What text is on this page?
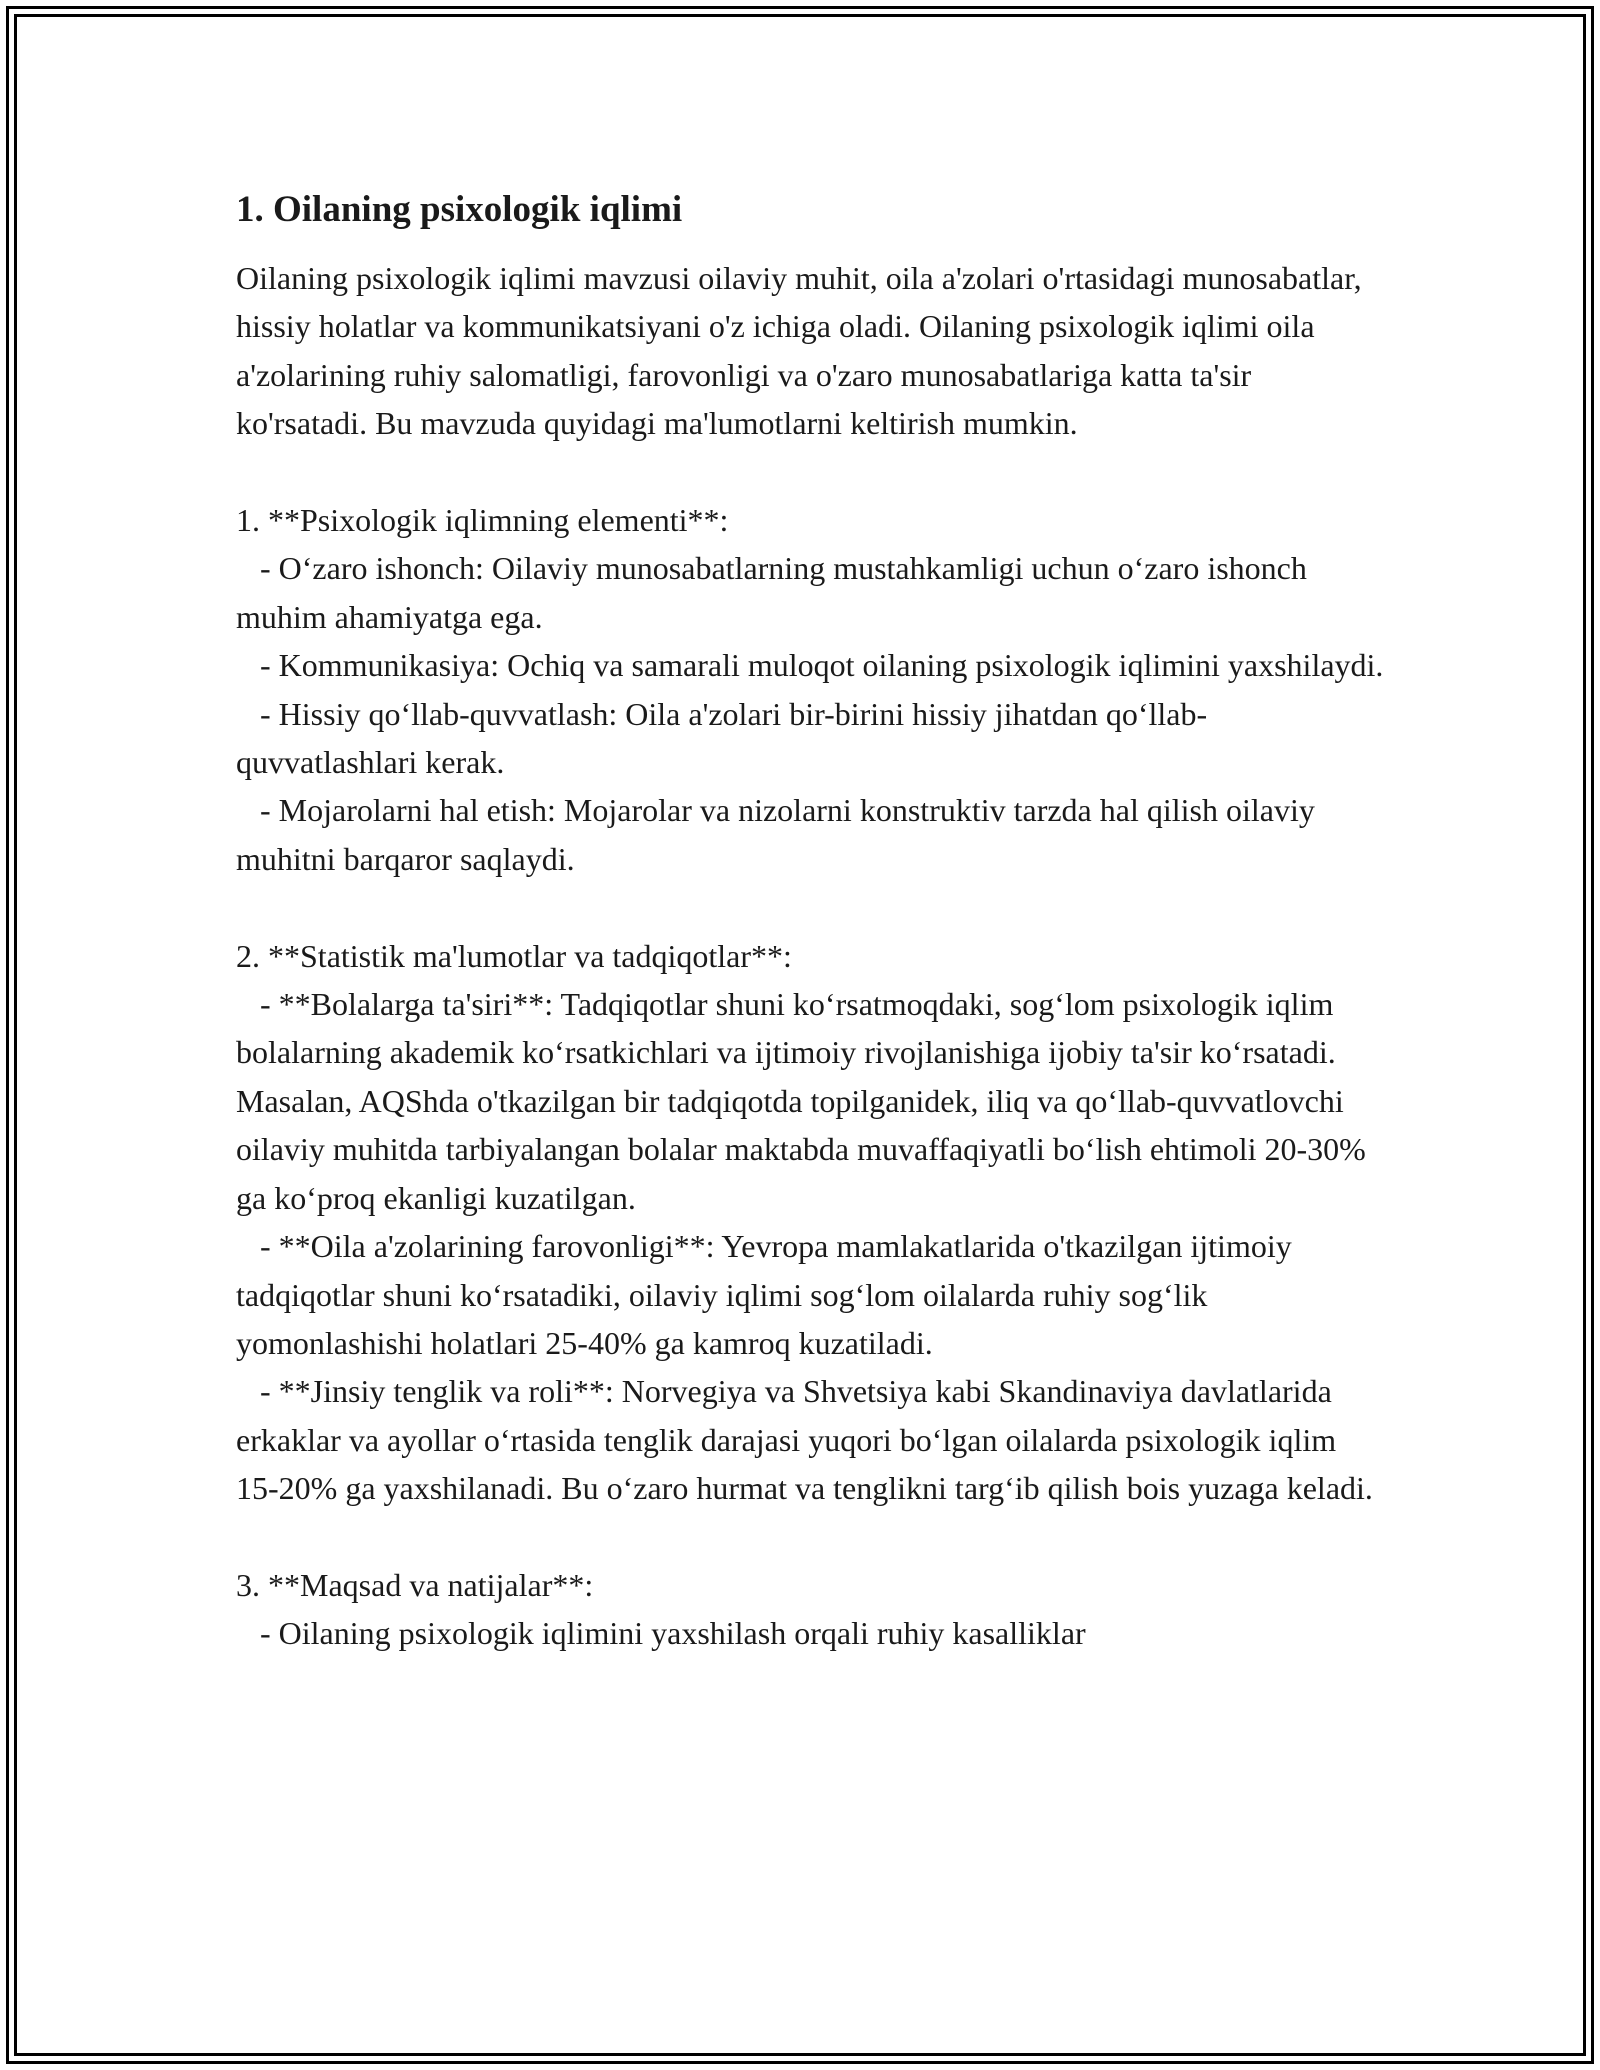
1. Oilaning psixologik iqlimi

Oilaning psixologik iqlimi mavzusi oilaviy muhit, oila a'zolari o'rtasidagi munosabatlar, hissiy holatlar va kommunikatsiyani o'z ichiga oladi. Oilaning psixologik iqlimi oila a'zolarining ruhiy salomatligi, farovonligi va o'zaro munosabatlariga katta ta'sir ko'rsatadi. Bu mavzuda quyidagi ma'lumotlarni keltirish mumkin.

1. **Psixologik iqlimning elementi**:

- O‘zaro ishonch: Oilaviy munosabatlarning mustahkamligi uchun o‘zaro ishonch muhim ahamiyatga ega.

- Kommunikasiya: Ochiq va samarali muloqot oilaning psixologik iqlimini yaxshilaydi.

- Hissiy qo‘llab-quvvatlash: Oila a'zolari bir-birini hissiy jihatdan qo‘llab-quvvatlashlari kerak.

- Mojarolarni hal etish: Mojarolar va nizolarni konstruktiv tarzda hal qilish oilaviy muhitni barqaror saqlaydi.

2. **Statistik ma'lumotlar va tadqiqotlar**:

- **Bolalarga ta'siri**: Tadqiqotlar shuni ko‘rsatmoqdaki, sog‘lom psixologik iqlim bolalarning akademik ko‘rsatkichlari va ijtimoiy rivojlanishiga ijobiy ta'sir ko‘rsatadi. Masalan, AQShda o'tkazilgan bir tadqiqotda topilganidek, iliq va qo‘llab-quvvatlovchi oilaviy muhitda tarbiyalangan bolalar maktabda muvaffaqiyatli bo‘lish ehtimoli 20-30% ga ko‘proq ekanligi kuzatilgan.

- **Oila a'zolarining farovonligi**: Yevropa mamlakatlarida o'tkazilgan ijtimoiy tadqiqotlar shuni ko‘rsatadiki, oilaviy iqlimi sog‘lom oilalarda ruhiy sog‘lik yomonlashishi holatlari 25-40% ga kamroq kuzatiladi.

- **Jinsiy tenglik va roli**: Norvegiya va Shvetsiya kabi Skandinaviya davlatlarida erkaklar va ayollar o‘rtasida tenglik darajasi yuqori bo‘lgan oilalarda psixologik iqlim 15-20% ga yaxshilanadi. Bu o‘zaro hurmat va tenglikni targ‘ib qilish bois yuzaga keladi.

3. **Maqsad va natijalar**:

- Oilaning psixologik iqlimini yaxshilash orqali ruhiy kasalliklar
